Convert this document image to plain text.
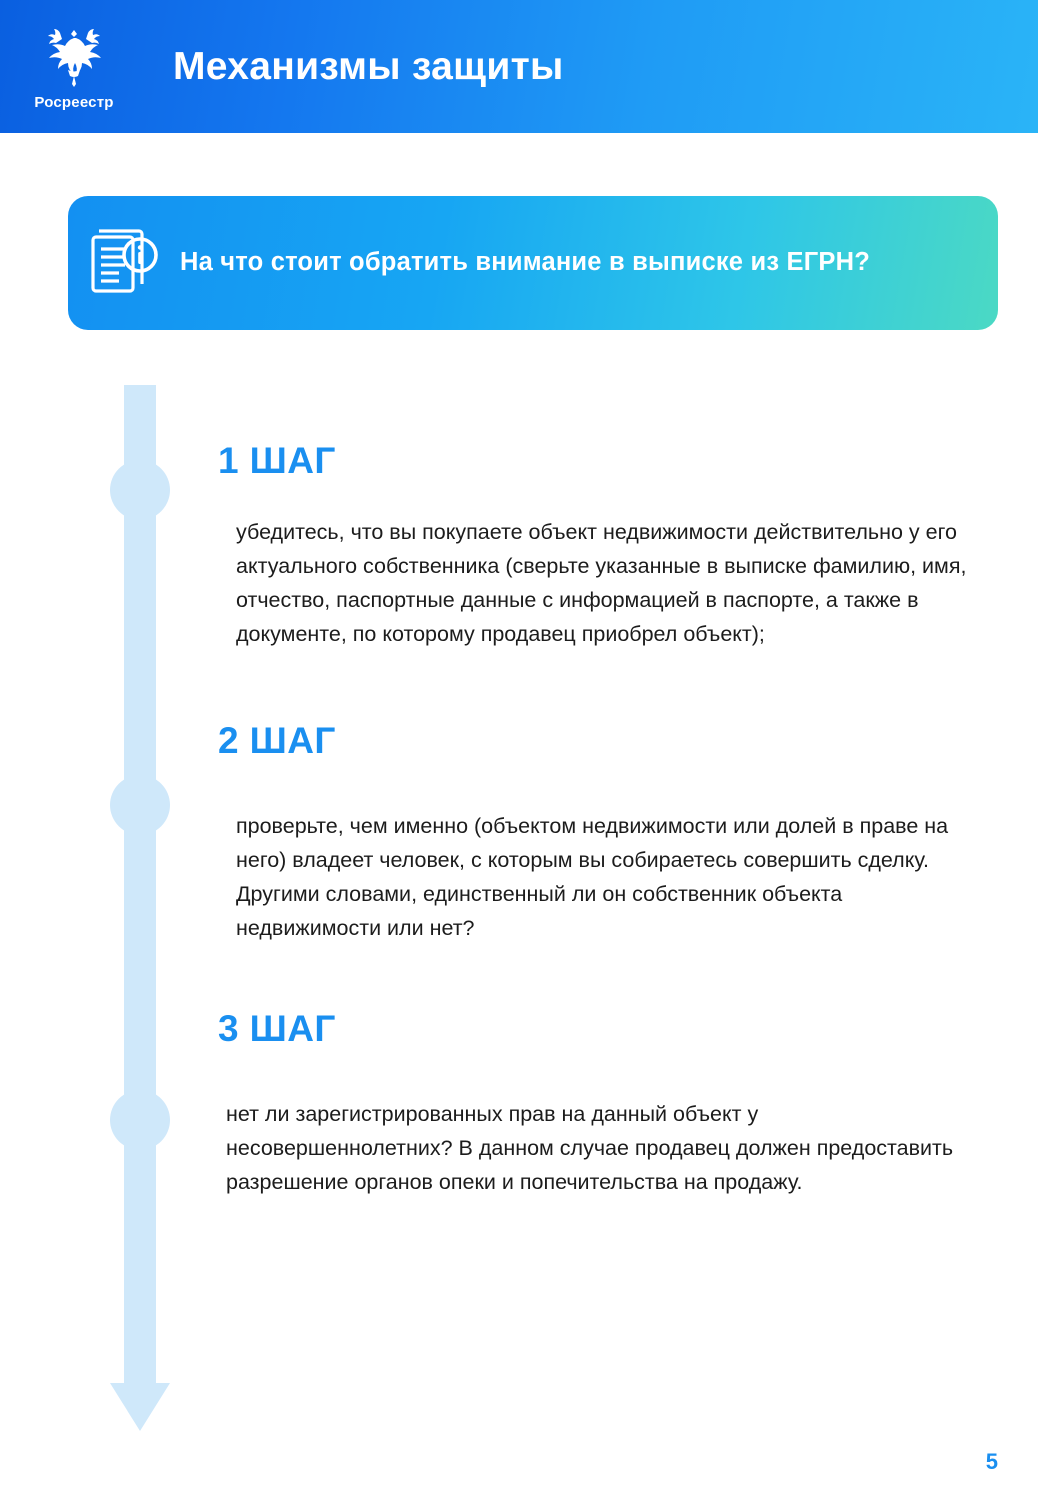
Росреестр
Механизмы защиты
На что стоит обратить внимание в выписке из ЕГРН?
1 ШАГ

убедитесь, что вы покупаете объект недвижимости действительно у его актуального собственника (сверьте указанные в выписке фамилию, имя, отчество, паспортные данные с информацией в паспорте, а также в документе, по которому продавец приобрел объект);

2 ШАГ

проверьте, чем именно (объектом недвижимости или долей в праве на него) владеет человек, с которым вы собираетесь совершить сделку. Другими словами, единственный ли он собственник объекта недвижимости или нет?

3 ШАГ

нет ли зарегистрированных прав на данный объект у несовершеннолетних? В данном случае продавец должен предоставить разрешение органов опеки и попечительства на продажу.

5
